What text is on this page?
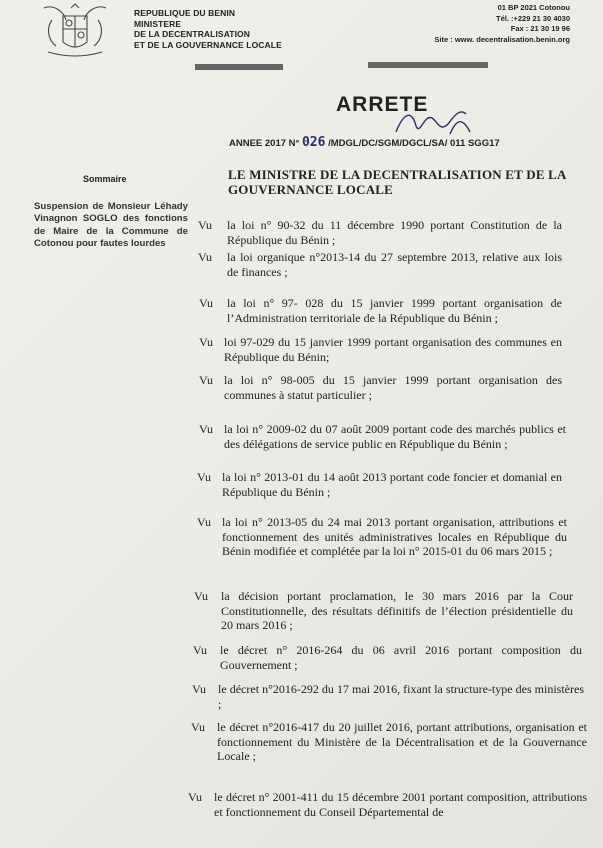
REPUBLIQUE DU BENIN
MINISTERE
DE LA DECENTRALISATION
ET DE LA GOUVERNANCE LOCALE
01 BP 2021 Cotonou
Tél. :+229 21 30 4030
Fax : 21 30 19 96
Site : www. decentralisation.benin.org
ARRETE
ANNEE 2017 N° 026 /MDGL/DC/SGM/DGCL/SA/ 011 SGG17
Sommaire
Suspension de Monsieur Léhady Vinagnon SOGLO des fonctions de Maire de la Commune de Cotonou pour fautes lourdes
LE MINISTRE DE LA DECENTRALISATION ET DE LA GOUVERNANCE LOCALE
Vu la loi n° 90-32 du 11 décembre 1990 portant Constitution de la République du Bénin ;
Vu la loi organique n°2013-14 du 27 septembre 2013, relative aux lois de finances ;
Vu la loi n° 97- 028 du 15 janvier 1999 portant organisation de l’Administration territoriale de la République du Bénin ;
Vu loi 97-029 du 15 janvier 1999 portant organisation des communes en République du Bénin;
Vu la loi n° 98-005 du 15 janvier 1999 portant organisation des communes à statut particulier ;
Vu la loi n° 2009-02 du 07 août 2009 portant code des marchés publics et des délégations de service public en République du Bénin ;
Vu la loi n° 2013-01 du 14 août 2013 portant code foncier et domanial en République du Bénin ;
Vu la loi n° 2013-05 du 24 mai 2013 portant organisation, attributions et fonctionnement des unités administratives locales en République du Bénin modifiée et complétée par la loi n° 2015-01 du 06 mars 2015 ;
Vu la décision portant proclamation, le 30 mars 2016 par la Cour Constitutionnelle, des résultats définitifs de l’élection présidentielle du 20 mars 2016 ;
Vu le décret n° 2016-264 du 06 avril 2016 portant composition du Gouvernement ;
Vu le décret n°2016-292 du 17 mai 2016, fixant la structure-type des ministères ;
Vu le décret n°2016-417 du 20 juillet 2016, portant attributions, organisation et fonctionnement du Ministère de la Décentralisation et de la Gouvernance Locale ;
Vu le décret n° 2001-411 du 15 décembre 2001 portant composition, attributions et fonctionnement du Conseil Départemental de
